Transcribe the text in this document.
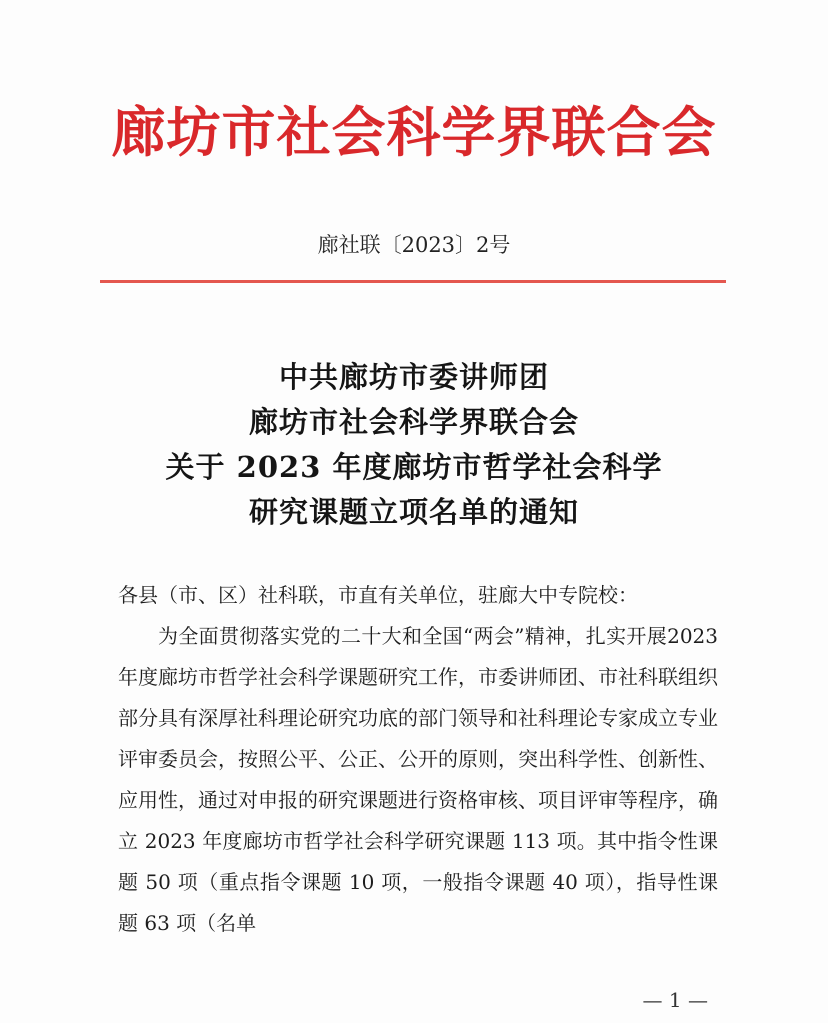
廊坊市社会科学界联合会
廊社联〔2023〕2号
中共廊坊市委讲师团
廊坊市社会科学界联合会
关于 2023 年度廊坊市哲学社会科学
研究课题立项名单的通知

各县（市、区）社科联，市直有关单位，驻廊大中专院校：

为全面贯彻落实党的二十大和全国“两会”精神，扎实开展2023 年度廊坊市哲学社会科学课题研究工作，市委讲师团、市社科联组织部分具有深厚社科理论研究功底的部门领导和社科理论专家成立专业评审委员会，按照公平、公正、公开的原则，突出科学性、创新性、应用性，通过对申报的研究课题进行资格审核、项目评审等程序，确立 2023 年度廊坊市哲学社会科学研究课题 113 项。其中指令性课题 50 项（重点指令课题 10 项，一般指令课题 40 项），指导性课题 63 项（名单

— 1 —
